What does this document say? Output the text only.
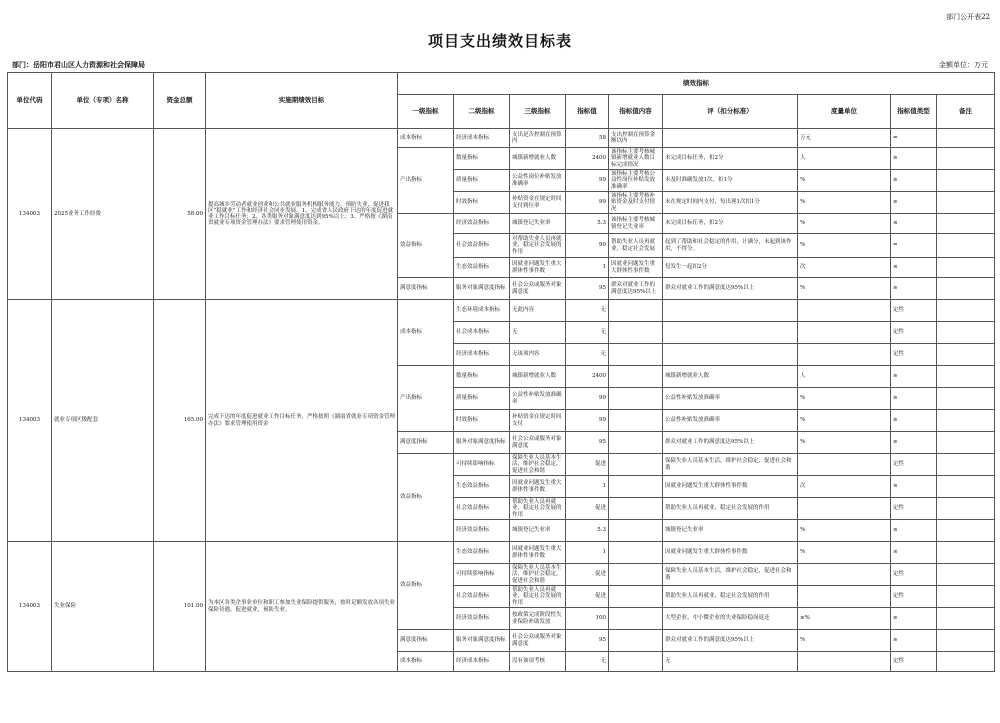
部门公开表22
项目支出绩效目标表
部门：岳阳市君山区人力资源和社会保障局	金额单位：万元
单位代码	单位（专项）名称	资金总额	实施期绩效目标	绩效指标								
				一级指标	二级指标	三级指标	指标值	指标值内容	评（扣分标准）	度量单位	指标值类型	备注
134003	2025业务工作经费	58.00	提高城乡劳动者就业创业和公共就业服务机构服务能力，预防失业，促进我区“稳就业”工作和经济社会同步发展。1、完成省人民政府下达的年度促进就业工作目标任务；2、各类服务对象满意度达到95%以上；3、严格按《湖南省就业专项资金管理办法》要求管理使用资金。	成本指标	经济成本指标	支出是否控制在预算内	58	支出控制在预算金额以内		万元	=	
				产出指标	数量指标	城镇新增就业人数	2400	该指标主要考核城镇新增就业人数目标完成情况	未完成目标任务，扣2分	人	≥	
					质量指标	公益性岗位补贴发放准确率	99	该指标主要考核公益性岗位补贴发放准确率	未及时准确发放1次，扣1分	%	≥	
					时效指标	补贴资金在规定时间支付到位率	99	该指标主要考核补贴资金及时支付情况	未在规定时间内支付，每出现1次扣1分	%	≥	
				效益指标	经济效益指标	城镇登记失业率	5.3	该指标主要考核城镇登记失业率	未完成目标任务，扣2分	%	≤	
					社会效益指标	对帮助失业人员再就业，稳定社会发展的作用	90	帮助失业人员再就业，稳定社会发展	起到了帮助和社会稳定的作用，计满分，未起到该作用，不得分。	%	=	
					生态效益指标	因就业问题发生重大群体性事件数	1	因就业问题发生重大群体性事件数	每发生一起扣2分	次	≤	
				满意度指标	服务对象满意度指标	社会公众或服务对象满意度	95	群众对就业工作的满意度达95%以上	群众对就业工作的满意度达95%以上	%	≥	
134003	就业专项区级配套	165.00	完成下达的年度促进就业工作目标任务，严格按照《湖南省就业专项资金管理办法》要求管理使用资金	成本指标	生态环境成本指标	无此内容	无				定性	
					社会成本指标	无	无				定性	
					经济成本指标	无该项内容	无				定性	
				产出指标	数量指标	城镇新增就业人数	2400		城镇新增就业人数	人	≥	
					质量指标	公益性补贴发放准确率	99		公益性补贴发放准确率	%	≥	
					时效指标	补贴资金在规定时间支付	99		公益性补贴发放准确率	%	≥	
				满意度指标	服务对象满意度指标	社会公众或服务对象满意度	95		群众对就业工作的满意度达95%以上	%	≥	
				效益指标	可持续影响指标	保障失业人员基本生活，维护社会稳定，促进社会和谐	促进		保障失业人员基本生活，维护社会稳定，促进社会和谐		定性	
					生态效益指标	因就业问题发生重大群体性事件数	1		因就业问题发生重大群体性事件数	次	≤	
					社会效益指标	帮助失业人员再就业，稳定社会发展的作用	促进		帮助失业人员再就业，稳定社会发展的作用		定性	
					经济效益指标	城镇登记失业率	5.3		城镇登记失业率	%	≤	
134003	失业保险	101.00	为本区各类企事业单位和职工参加失业保险提供服务，按时足额发放各项失业保险待遇，促进就业，预防失业。	效益指标	生态效益指标	因就业问题发生重大群体性事件数	1		因就业问题发生重大群体性事件数	%	≤	
					可持续影响指标	保障失业人员基本生活，维护社会稳定，促进社会和谐	促进		保障失业人员基本生活，维护社会稳定，促进社会和谐		定性	
					社会效益指标	帮助失业人员再就业，稳定社会发展的作用	促进		帮助失业人员再就业，稳定社会发展的作用		定性	
					经济效益指标	按政策完成阶段性失业保险补助发放	100		大型企业、中小微企业的失业保险稳岗返还	≥%	≥	
				满意度指标	服务对象满意度指标	社会公众或服务对象满意度	95		群众对就业工作的满意度达95%以上	%	≥	
				成本指标	经济成本指标	没有该项考核	无		无		定性	
